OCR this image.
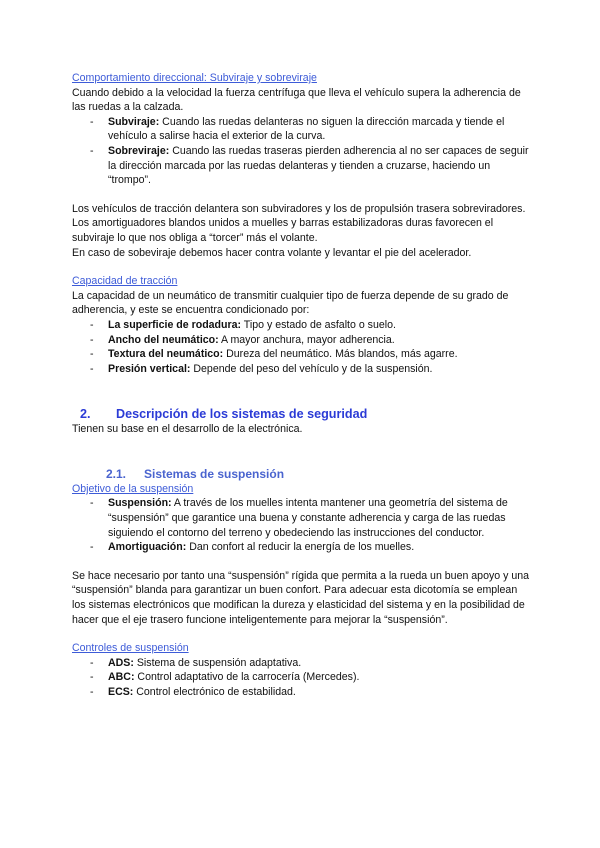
Comportamiento direccional: Subviraje y sobreviraje

Cuando debido a la velocidad la fuerza centrífuga que lleva el vehículo supera la adherencia de las ruedas a la calzada.

- Subviraje: Cuando las ruedas delanteras no siguen la dirección marcada y tiende el vehículo a salirse hacia el exterior de la curva.
- Sobreviraje: Cuando las ruedas traseras pierden adherencia al no ser capaces de seguir la dirección marcada por las ruedas delanteras y tienden a cruzarse, haciendo un “trompo”.

Los vehículos de tracción delantera son subviradores y los de propulsión trasera sobreviradores.

Los amortiguadores blandos unidos a muelles y barras estabilizadoras duras favorecen el subviraje lo que nos obliga a “torcer” más el volante.

En caso de sobeviraje debemos hacer contra volante y levantar el pie del acelerador.

Capacidad de tracción

La capacidad de un neumático de transmitir cualquier tipo de fuerza depende de su grado de adherencia, y este se encuentra condicionado por:

- La superficie de rodadura: Tipo y estado de asfalto o suelo.
- Ancho del neumático: A mayor anchura, mayor adherencia.
- Textura del neumático: Dureza del neumático. Más blandos, más agarre.
- Presión vertical: Depende del peso del vehículo y de la suspensión.
2.	Descripción de los sistemas de seguridad

Tienen su base en el desarrollo de la electrónica.

2.1.	Sistemas de suspensión

Objetivo de la suspensión

- Suspensión: A través de los muelles intenta mantener una geometría del sistema de “suspensión” que garantice una buena y constante adherencia y carga de las ruedas siguiendo el contorno del terreno y obedeciendo las instrucciones del conductor.
- Amortiguación: Dan confort al reducir la energía de los muelles.

Se hace necesario por tanto una “suspensión” rígida que permita a la rueda un buen apoyo y una “suspensión” blanda para garantizar un buen confort. Para adecuar esta dicotomía se emplean los sistemas electrónicos que modifican la dureza y elasticidad del sistema y en la posibilidad de hacer que el eje trasero funcione inteligentemente para mejorar la “suspensión”.

Controles de suspensión

- ADS: Sistema de suspensión adaptativa.
- ABC: Control adaptativo de la carrocería (Mercedes).
- ECS: Control electrónico de estabilidad.
